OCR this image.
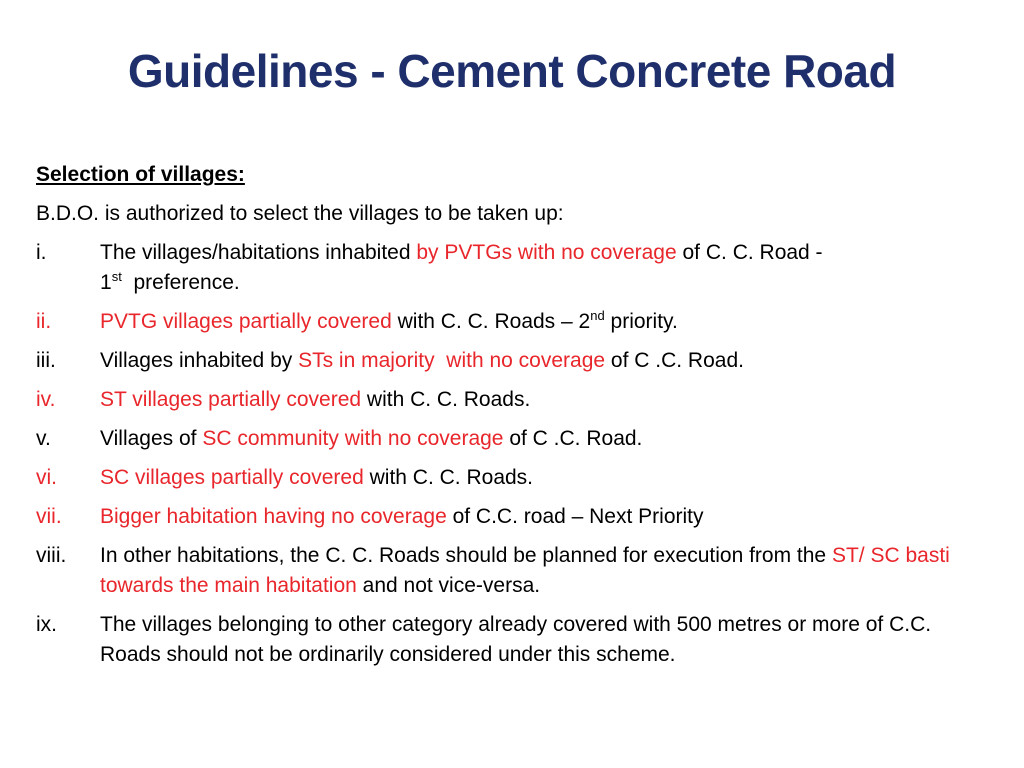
Guidelines - Cement Concrete Road
Selection of villages:
B.D.O. is authorized to select the villages to be taken up:
i.	The villages/habitations inhabited by PVTGs with no coverage of C. C. Road -
1st  preference.
ii.	PVTG villages partially covered with C. C. Roads – 2nd priority.
iii.	Villages inhabited by STs in majority  with no coverage of C .C. Road.
iv.	ST villages partially covered with C. C. Roads.
v.	Villages of SC community with no coverage of C .C. Road.
vi.	SC villages partially covered with C. C. Roads.
vii.	Bigger habitation having no coverage of C.C. road – Next Priority
viii.	In other habitations, the C. C. Roads should be planned for execution from the ST/ SC basti towards the main habitation and not vice-versa.
ix.	The villages belonging to other category already covered with 500 metres or more of C.C. Roads should not be ordinarily considered under this scheme.
